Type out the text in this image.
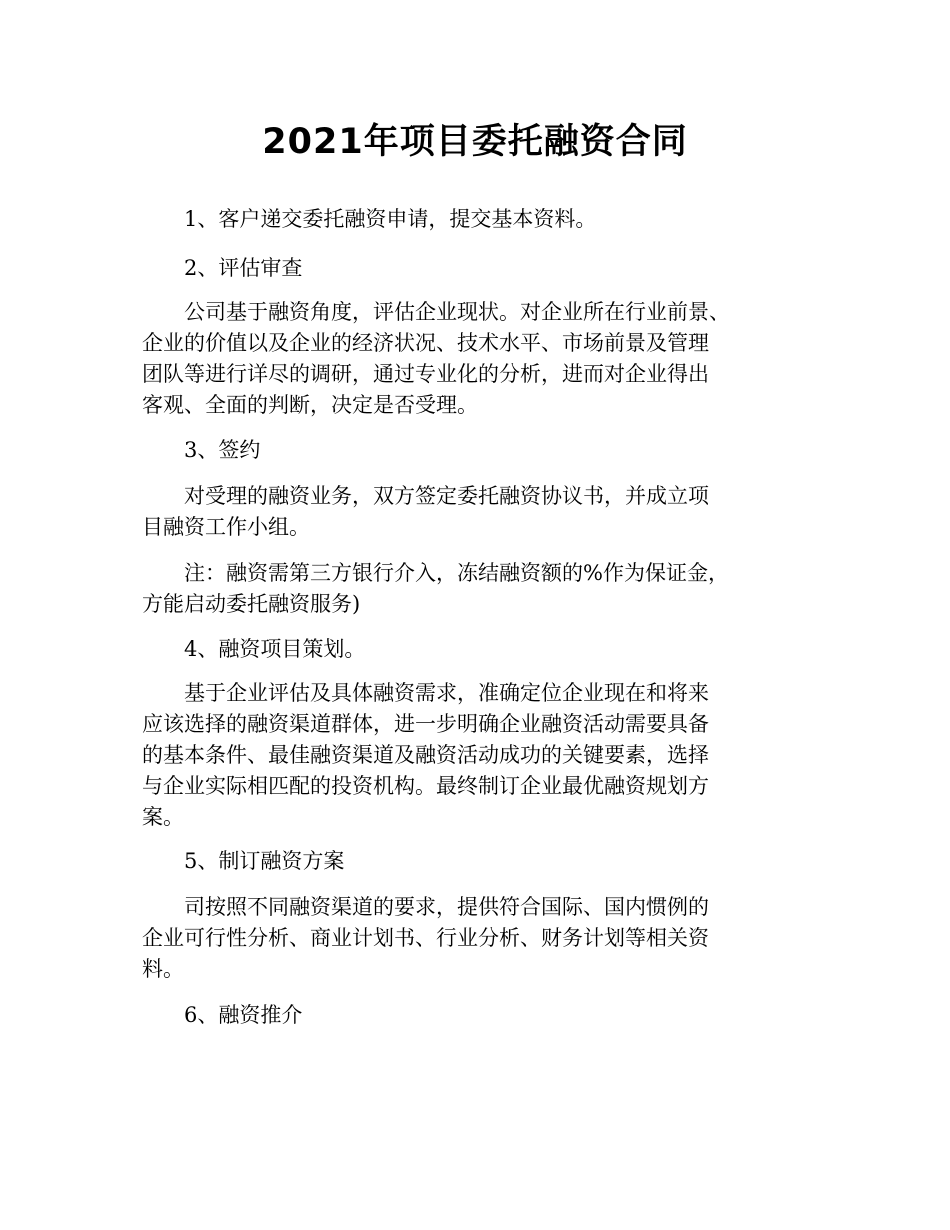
2021年项目委托融资合同

1、客户递交委托融资申请，提交基本资料。

2、评估审查

公司基于融资角度，评估企业现状。对企业所在行业前景、
企业的价值以及企业的经济状况、技术水平、市场前景及管理
团队等进行详尽的调研，通过专业化的分析，进而对企业得出
客观、全面的判断，决定是否受理。

3、签约

对受理的融资业务，双方签定委托融资协议书，并成立项
目融资工作小组。

注：融资需第三方银行介入，冻结融资额的%作为保证金，
方能启动委托融资服务)

4、融资项目策划。

基于企业评估及具体融资需求，准确定位企业现在和将来
应该选择的融资渠道群体，进一步明确企业融资活动需要具备
的基本条件、最佳融资渠道及融资活动成功的关键要素，选择
与企业实际相匹配的投资机构。最终制订企业最优融资规划方
案。

5、制订融资方案

司按照不同融资渠道的要求，提供符合国际、国内惯例的
企业可行性分析、商业计划书、行业分析、财务计划等相关资
料。

6、融资推介
